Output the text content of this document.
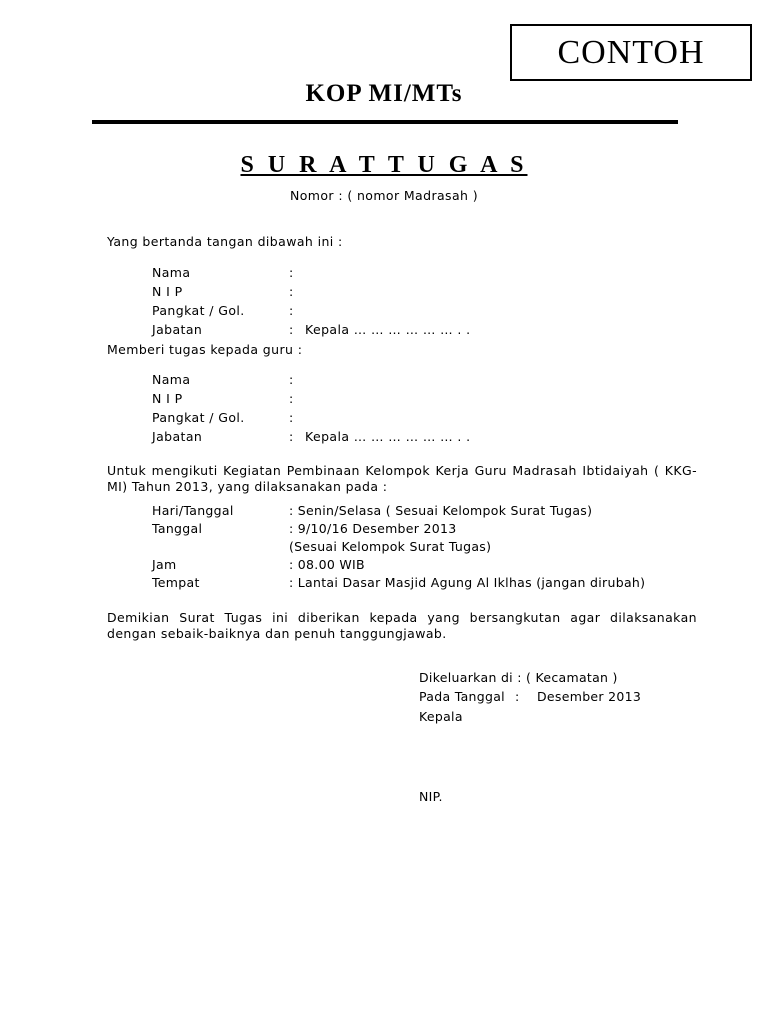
CONTOH
KOP MI/MTs
S U R A T T U G A S
Nomor : ( nomor Madrasah )
Yang bertanda tangan dibawah ini :
Nama	:	
N I P	:	
Pangkat / Gol.	:	
Jabatan	:	Kepala … … … … … … . .
Memberi tugas kepada guru :
Nama	:	
N I P	:	
Pangkat / Gol.	:	
Jabatan	:	Kepala … … … … … … . .
Untuk mengikuti Kegiatan Pembinaan Kelompok Kerja Guru Madrasah Ibtidaiyah ( KKG-MI) Tahun 2013, yang dilaksanakan pada :
Hari/Tanggal	: Senin/Selasa ( Sesuai Kelompok Surat Tugas)
Tanggal	: 9/10/16 Desember 2013
	(Sesuai Kelompok Surat Tugas)
Jam	: 08.00 WIB
Tempat	: Lantai Dasar Masjid Agung Al Iklhas (jangan dirubah)
Demikian Surat Tugas ini diberikan kepada yang bersangkutan agar dilaksanakan dengan sebaik-baiknya dan penuh tanggungjawab.
Dikeluarkan di : ( Kecamatan )
Pada Tanggal : Desember 2013
Kepala
NIP.
